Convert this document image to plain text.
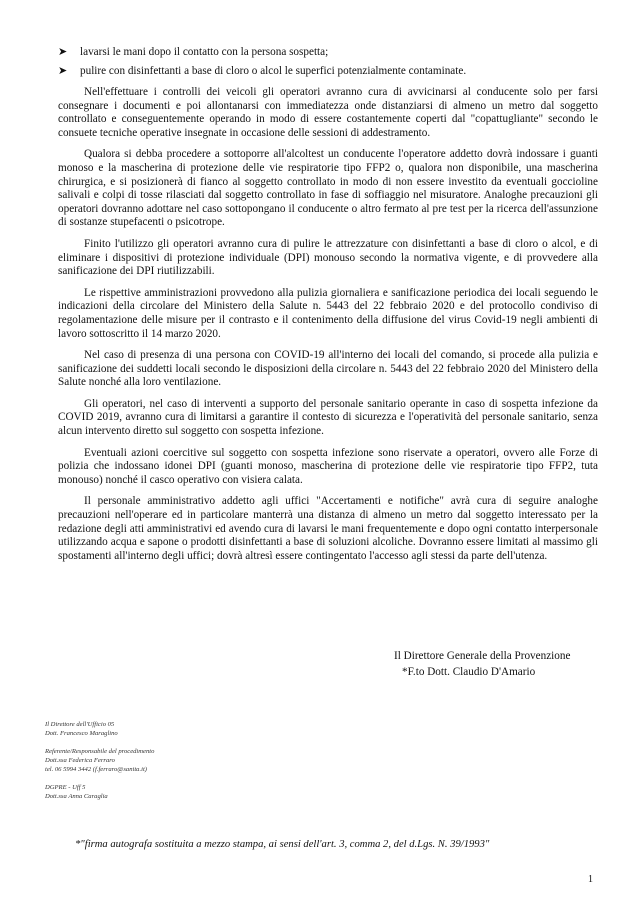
➤	lavarsi le mani dopo il contatto con la persona sospetta;
➤	pulire con disinfettanti a base di cloro o alcol le superfici potenzialmente contaminate.

Nell'effettuare i controlli dei veicoli gli operatori avranno cura di avvicinarsi al conducente solo per farsi consegnare i documenti e poi allontanarsi con immediatezza onde distanziarsi di almeno un metro dal soggetto controllato e conseguentemente operando in modo di essere costantemente coperti dal "copattugliante" secondo le consuete tecniche operative insegnate in occasione delle sessioni di addestramento.

Qualora si debba procedere a sottoporre all'alcoltest un conducente l'operatore addetto dovrà indossare i guanti monoso e la mascherina di protezione delle vie respiratorie tipo FFP2 o, qualora non disponibile, una mascherina chirurgica, e si posizionerà di fianco al soggetto controllato in modo di non essere investito da eventuali goccioline salivali e colpi di tosse rilasciati dal soggetto controllato in fase di soffiaggio nel misuratore. Analoghe precauzioni gli operatori dovranno adottare nel caso sottopongano il conducente o altro fermato al pre test per la ricerca dell'assunzione di sostanze stupefacenti o psicotrope.

Finito l'utilizzo gli operatori avranno cura di pulire le attrezzature con disinfettanti a base di cloro o alcol, e di eliminare i dispositivi di protezione individuale (DPI) monouso secondo la normativa vigente, e di provvedere alla sanificazione dei DPI riutilizzabili.

Le rispettive amministrazioni provvedono alla pulizia giornaliera e sanificazione periodica dei locali seguendo le indicazioni della circolare del Ministero della Salute n. 5443 del 22 febbraio 2020 e del protocollo condiviso di regolamentazione delle misure per il contrasto e il contenimento della diffusione del virus Covid-19 negli ambienti di lavoro sottoscritto il 14 marzo 2020.

Nel caso di presenza di una persona con COVID-19 all'interno dei locali del comando, si procede alla pulizia e sanificazione dei suddetti locali secondo le disposizioni della circolare n. 5443 del 22 febbraio 2020 del Ministero della Salute nonché alla loro ventilazione.

Gli operatori, nel caso di interventi a supporto del personale sanitario operante in caso di sospetta infezione da COVID 2019, avranno cura di limitarsi a garantire il contesto di sicurezza e l'operatività del personale sanitario, senza alcun intervento diretto sul soggetto con sospetta infezione.

Eventuali azioni coercitive sul soggetto con sospetta infezione sono riservate a operatori, ovvero alle Forze di polizia che indossano idonei DPI (guanti monoso, mascherina di protezione delle vie respiratorie tipo FFP2, tuta monouso) nonché il casco operativo con visiera calata.

Il personale amministrativo addetto agli uffici "Accertamenti e notifiche" avrà cura di seguire analoghe precauzioni nell'operare ed in particolare manterrà una distanza di almeno un metro dal soggetto interessato per la redazione degli atti amministrativi ed avendo cura di lavarsi le mani frequentemente e dopo ogni contatto interpersonale utilizzando acqua e sapone o prodotti disinfettanti a base di soluzioni alcoliche. Dovranno essere limitati al massimo gli spostamenti all'interno degli uffici; dovrà altresì essere contingentato l'accesso agli stessi da parte dell'utenza.

Il Direttore Generale della Provenzione
*F.to Dott. Claudio D'Amario
Il Direttore dell'Ufficio 05
Dott. Francesco Maraglino
Referente/Responsabile del procedimento
Dott.ssa Federica Ferraro
tel. 06 5994 3442 (f.ferraro@sanita.it)
DGPRE - Uff 5
Dott.ssa Anna Caraglia
*"firma autografa sostituita a mezzo stampa, ai sensi dell'art. 3, comma 2, del d.Lgs. N. 39/1993"
1
